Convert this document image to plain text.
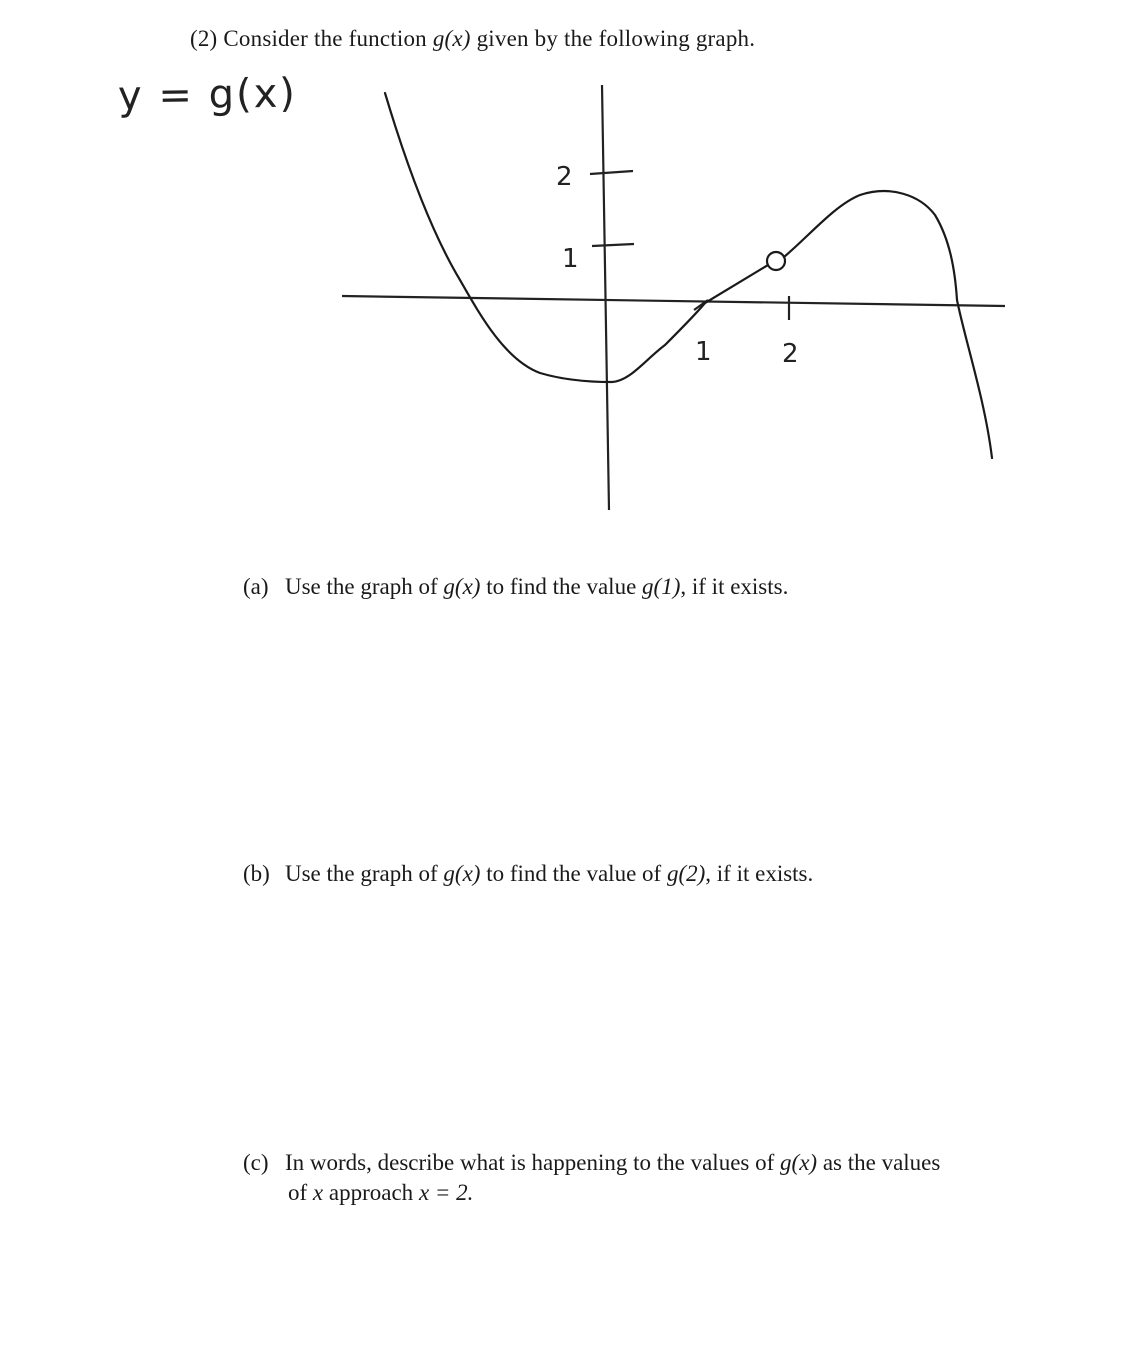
(2) Consider the function g(x) given by the following graph.
y = g(x)
2
1
1	2
(a) Use the graph of g(x) to find the value g(1), if it exists.
(b) Use the graph of g(x) to find the value of g(2), if it exists.
(c) In words, describe what is happening to the values of g(x) as the values
of x approach x = 2.
